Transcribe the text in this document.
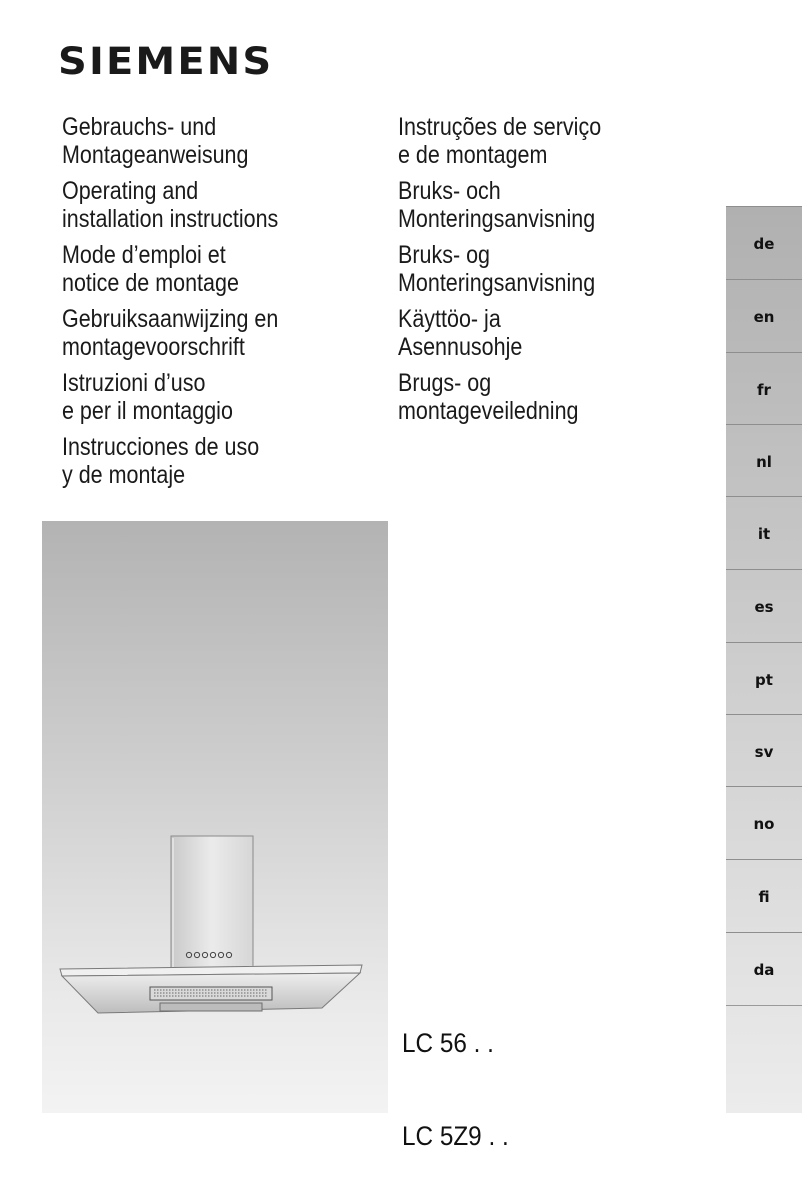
SIEMENS
Gebrauchs- und
Montageanweisung
Operating and
installation instructions
Mode d’emploi et
notice de montage
Gebruiksaanwijzing en
montagevoorschrift
Istruzioni d’uso
e per il montaggio
Instrucciones de uso
y de montaje
Instruções de serviço
e de montagem
Bruks- och
Monteringsanvisning
Bruks- og
Monteringsanvisning
Käyttöo- ja
Asennusohje
Brugs- og
montageveiledning

LC 56 . .

LC 5Z9 . .

de
en
fr
nl
it
es
pt
sv
no
fi
da
